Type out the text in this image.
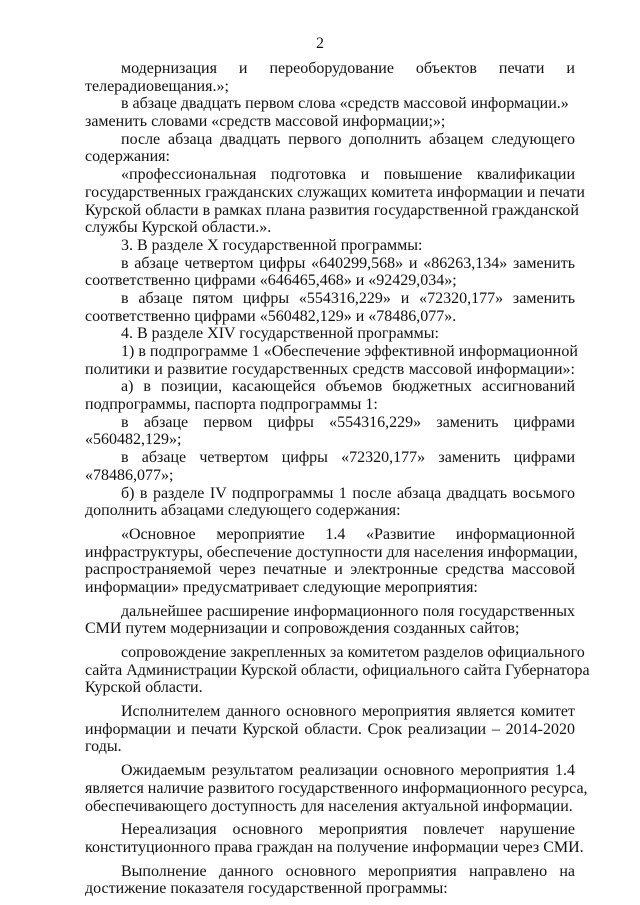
2
модернизация и переоборудование объектов печати и
телерадиовещания.»;
в абзаце двадцать первом слова «средств массовой информации.»
заменить словами «средств массовой информации;»;
после абзаца двадцать первого дополнить абзацем следующего
содержания:
«профессиональная подготовка и повышение квалификации
государственных гражданских служащих комитета информации и печати
Курской области в рамках плана развития государственной гражданской
службы Курской области.».
3. В разделе X государственной программы:
в абзаце четвертом цифры «640299,568» и «86263,134» заменить
соответственно цифрами «646465,468» и «92429,034»;
в абзаце пятом цифры «554316,229» и «72320,177» заменить
соответственно цифрами «560482,129» и «78486,077».
4. В разделе XIV государственной программы:
1) в подпрограмме 1 «Обеспечение эффективной информационной
политики и развитие государственных средств массовой информации»:
а) в позиции, касающейся объемов бюджетных ассигнований
подпрограммы, паспорта подпрограммы 1:
в абзаце первом цифры «554316,229» заменить цифрами
«560482,129»;
в абзаце четвертом цифры «72320,177» заменить цифрами
«78486,077»;
б) в разделе IV подпрограммы 1 после абзаца двадцать восьмого
дополнить абзацами следующего содержания:
«Основное мероприятие 1.4 «Развитие информационной
инфраструктуры, обеспечение доступности для населения информации,
распространяемой через печатные и электронные средства массовой
информации» предусматривает следующие мероприятия:
дальнейшее расширение информационного поля государственных
СМИ путем модернизации и сопровождения созданных сайтов;
сопровождение закрепленных за комитетом разделов официального
сайта Администрации Курской области, официального сайта Губернатора
Курской области.
Исполнителем данного основного мероприятия является комитет
информации и печати Курской области. Срок реализации – 2014-2020
годы.
Ожидаемым результатом реализации основного мероприятия 1.4
является наличие развитого государственного информационного ресурса,
обеспечивающего доступность для населения актуальной информации.
Нереализация основного мероприятия повлечет нарушение
конституционного права граждан на получение информации через СМИ.
Выполнение данного основного мероприятия направлено на
достижение показателя государственной программы:
